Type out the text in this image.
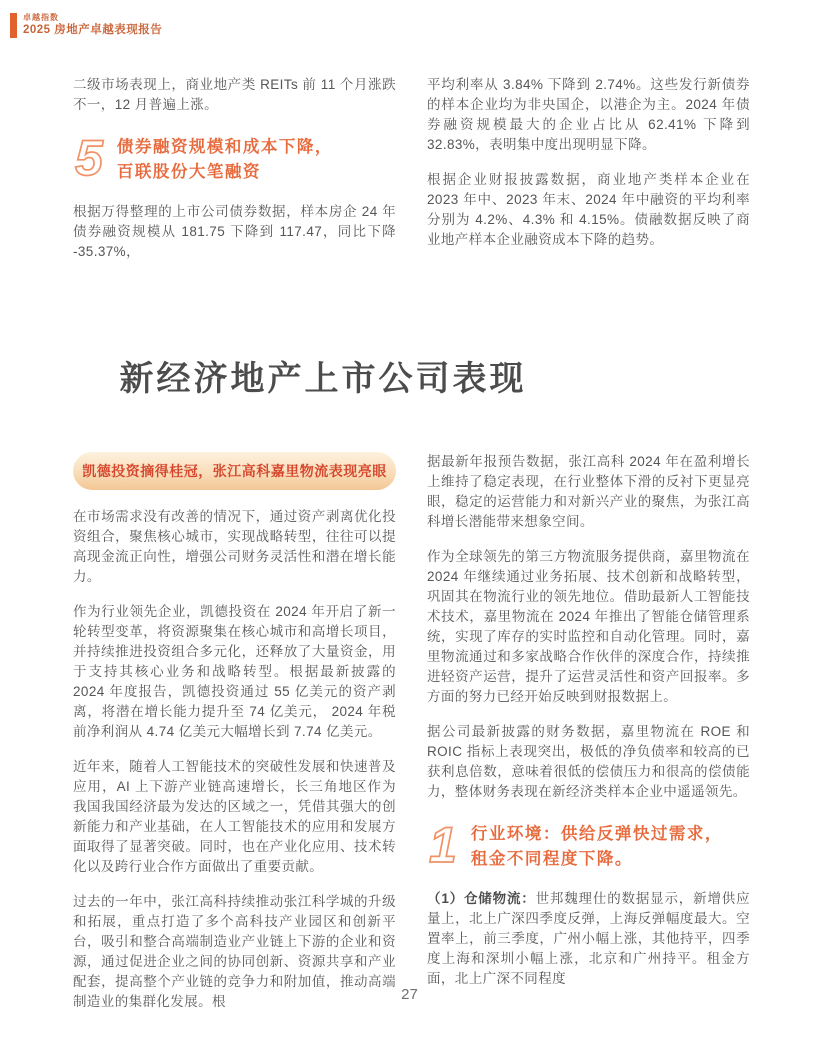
卓越指数
2025 房地产卓越表现报告

二级市场表现上，商业地产类 REITs 前 11 个月涨跌不一，12 月普遍上涨。

5 债券融资规模和成本下降，
百联股份大笔融资

根据万得整理的上市公司债券数据，样本房企 24 年债券融资规模从 181.75 下降到 117.47，同比下降 -35.37%，

平均利率从 3.84% 下降到 2.74%。这些发行新债券的样本企业均为非央国企，以港企为主。2024 年债券融资规模最大的企业占比从 62.41% 下降到 32.83%，表明集中度出现明显下降。

根据企业财报披露数据，商业地产类样本企业在 2023 年中、2023 年末、2024 年中融资的平均利率分别为 4.2%、4.3% 和 4.15%。债融数据反映了商业地产样本企业融资成本下降的趋势。

新经济地产上市公司表现
凯德投资摘得桂冠，张江高科嘉里物流表现亮眼

在市场需求没有改善的情况下，通过资产剥离优化投资组合，聚焦核心城市，实现战略转型，往往可以提高现金流正向性，增强公司财务灵活性和潜在增长能力。

作为行业领先企业，凯德投资在 2024 年开启了新一轮转型变革，将资源聚集在核心城市和高增长项目，并持续推进投资组合多元化，还释放了大量资金，用于支持其核心业务和战略转型。根据最新披露的 2024 年度报告，凯德投资通过 55 亿美元的资产剥离，将潜在增长能力提升至 74 亿美元， 2024 年税前净利润从 4.74 亿美元大幅增长到 7.74 亿美元。

近年来，随着人工智能技术的突破性发展和快速普及应用，AI 上下游产业链高速增长，长三角地区作为我国我国经济最为发达的区域之一，凭借其强大的创新能力和产业基础，在人工智能技术的应用和发展方面取得了显著突破。同时，也在产业化应用、技术转化以及跨行业合作方面做出了重要贡献。

过去的一年中，张江高科持续推动张江科学城的升级和拓展，重点打造了多个高科技产业园区和创新平台，吸引和整合高端制造业产业链上下游的企业和资源，通过促进企业之间的协同创新、资源共享和产业配套，提高整个产业链的竞争力和附加值，推动高端制造业的集群化发展。根

据最新年报预告数据，张江高科 2024 年在盈利增长上维持了稳定表现，在行业整体下滑的反衬下更显亮眼，稳定的运营能力和对新兴产业的聚焦，为张江高科增长潜能带来想象空间。

作为全球领先的第三方物流服务提供商，嘉里物流在 2024 年继续通过业务拓展、技术创新和战略转型，巩固其在物流行业的领先地位。借助最新人工智能技术技术，嘉里物流在 2024 年推出了智能仓储管理系统，实现了库存的实时监控和自动化管理。同时，嘉里物流通过和多家战略合作伙伴的深度合作，持续推进轻资产运营，提升了运营灵活性和资产回报率。多方面的努力已经开始反映到财报数据上。

据公司最新披露的财务数据，嘉里物流在 ROE 和 ROIC 指标上表现突出，极低的净负债率和较高的已获利息倍数，意味着很低的偿债压力和很高的偿债能力，整体财务表现在新经济类样本企业中遥遥领先。

1 行业环境：供给反弹快过需求，
租金不同程度下降。

（1）仓储物流：世邦魏理仕的数据显示，新增供应量上，北上广深四季度反弹，上海反弹幅度最大。空置率上，前三季度，广州小幅上涨，其他持平，四季度上海和深圳小幅上涨，北京和广州持平。租金方面，北上广深不同程度

27
